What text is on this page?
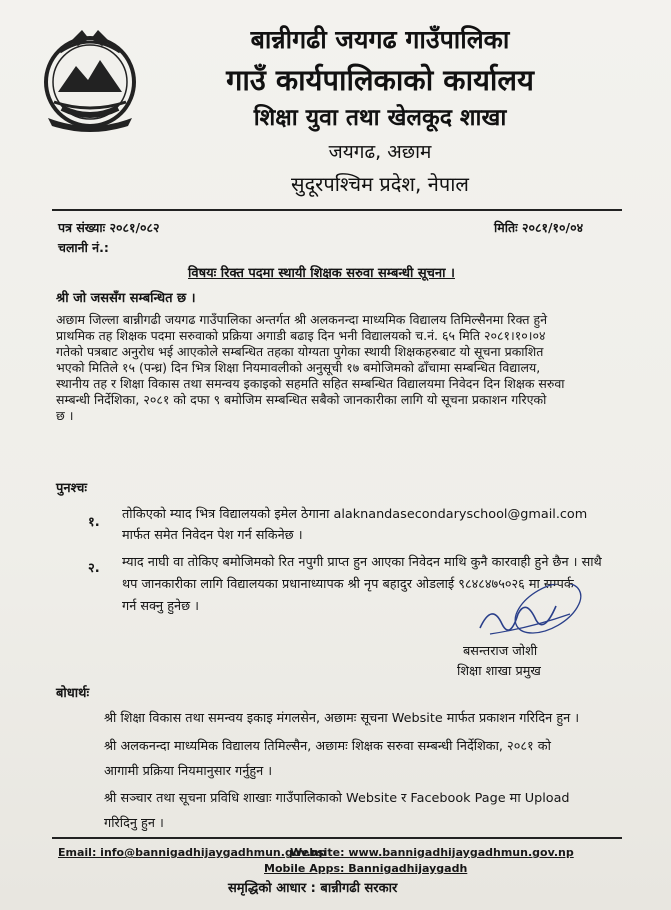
बान्नीगढी जयगढ गाउँपालिका
गाउँ कार्यपालिकाको कार्यालय
शिक्षा युवा तथा खेलकूद शाखा
जयगढ, अछाम
सुदूरपश्चिम प्रदेश, नेपाल
पत्र संख्याः २०८१/०८२
चलानी नं.:
मितिः २०८१/१०/०४
विषयः रिक्त पदमा स्थायी शिक्षक सरुवा सम्बन्धी सूचना ।
श्री जो जससँग सम्बन्धित छ ।
अछाम जिल्ला बान्नीगढी जयगढ गाउँपालिका अन्तर्गत श्री अलकनन्दा माध्यमिक विद्यालय तिमिल्सैनमा रिक्त हुने
प्राथमिक तह शिक्षक पदमा सरुवाको प्रक्रिया अगाडी बढाइ दिन भनी विद्यालयको च.नं. ६५ मिति २०८१।१०।०४
गतेको पत्रबाट अनुरोध भई आएकोले सम्बन्धित तहका योग्यता पुगेका स्थायी शिक्षकहरुबाट यो सूचना प्रकाशित
भएको मितिले १५ (पन्ध्र) दिन भित्र शिक्षा नियमावलीको अनुसूची १७ बमोजिमको ढाँचामा सम्बन्धित विद्यालय,
स्थानीय तह र शिक्षा विकास तथा समन्वय इकाइको सहमति सहित सम्बन्धित विद्यालयमा निवेदन दिन शिक्षक सरुवा
सम्बन्धी निर्देशिका, २०८१ को दफा ९ बमोजिम सम्बन्धित सबैको जानकारीका लागि यो सूचना प्रकाशन गरिएको
छ ।
पुनश्चः
१.
तोकिएको म्याद भित्र विद्यालयको इमेल ठेगाना alaknandasecondaryschool@gmail.com
मार्फत समेत निवेदन पेश गर्न सकिनेछ ।
२. म्याद नाघी वा तोकिए बमोजिमको रित नपुगी प्राप्त हुन आएका निवेदन माथि कुनै कारवाही हुने छैन । साथै
थप जानकारीका लागि विद्यालयका प्रधानाध्यापक श्री नृप बहादुर ओडलाई ९८४८४७५०२६ मा सम्पर्क
गर्न सक्नु हुनेछ ।
बसन्तराज जोशी
शिक्षा शाखा प्रमुख
बोधार्थः
श्री शिक्षा विकास तथा समन्वय इकाइ मंगलसेन, अछामः सूचना Website मार्फत प्रकाशन गरिदिन हुन ।
श्री अलकनन्दा माध्यमिक विद्यालय तिमिल्सैन, अछामः शिक्षक सरुवा सम्बन्धी निर्देशिका, २०८१ को
आगामी प्रक्रिया नियमानुसार गर्नुहुन ।
श्री सञ्चार तथा सूचना प्रविधि शाखाः गाउँपालिकाको Website र Facebook Page मा Upload
गरिदिनु हुन ।
Email: info@bannigadhijaygadhmun.gov.np
Website: www.bannigadhijaygadhmun.gov.np
Mobile Apps: Bannigadhijaygadh
समृद्धिको आधार : बान्नीगढी सरकार
